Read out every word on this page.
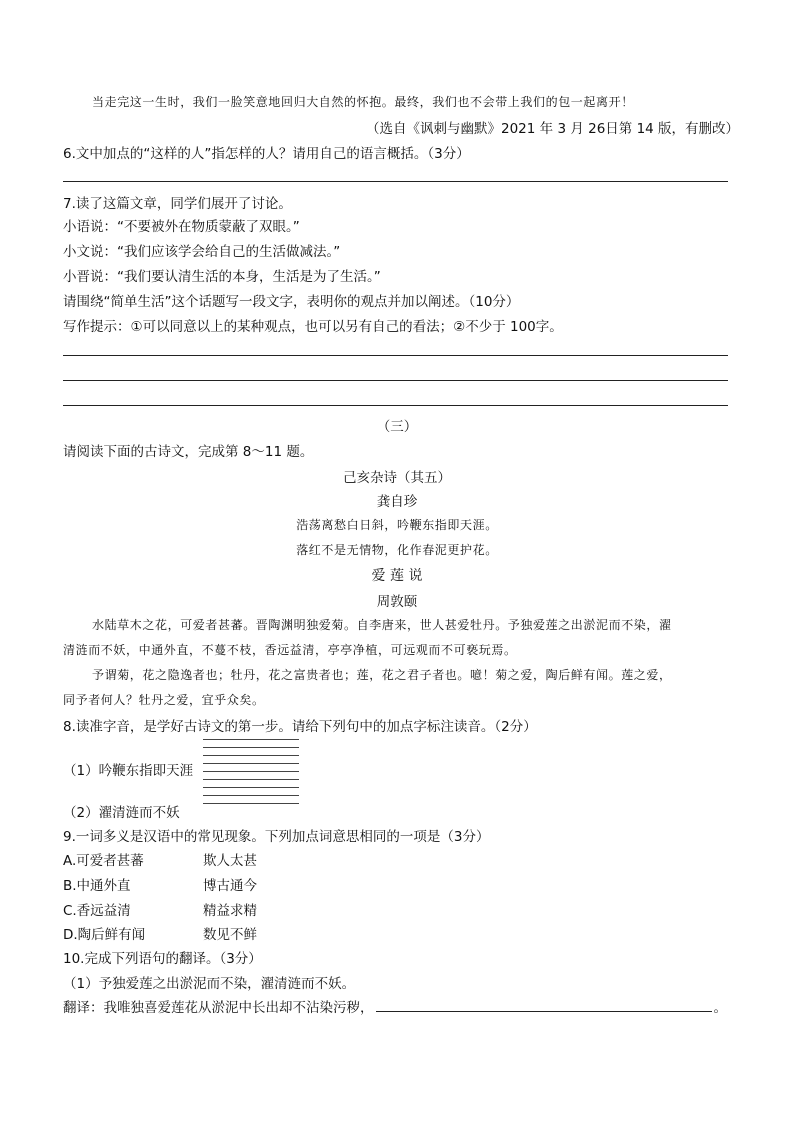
当走完这一生时，我们一脸笑意地回归大自然的怀抱。最终，我们也不会带上我们的包一起离开！
（选自《讽刺与幽默》2021 年 3 月 26日第 14 版，有删改）
6.文中加点的“这样的人”指怎样的人？请用自己的语言概括。（3分）
7.读了这篇文章，同学们展开了讨论。
小语说：“不要被外在物质蒙蔽了双眼。”
小文说：“我们应该学会给自己的生活做减法。”
小晋说：“我们要认清生活的本身，生活是为了生活。”
请围绕“简单生活”这个话题写一段文字，表明你的观点并加以阐述。（10分）
写作提示：①可以同意以上的某种观点，也可以另有自己的看法；②不少于 100字。
（三）
请阅读下面的古诗文，完成第 8～11 题。
己亥杂诗（其五）
龚自珍
浩荡离愁白日斜，吟鞭东指即天涯。
落红不是无情物，化作春泥更护花。
爱 莲 说
周敦颐
水陆草木之花，可爱者甚蕃。晋陶渊明独爱菊。自李唐来，世人甚爱牡丹。予独爱莲之出淤泥而不染，濯
清涟而不妖，中通外直，不蔓不枝，香远益清，亭亭净植，可远观而不可亵玩焉。
予谓菊，花之隐逸者也；牡丹，花之富贵者也；莲，花之君子者也。噫！菊之爱，陶后鲜有闻。莲之爱，
同予者何人？牡丹之爱，宜乎众矣。
8.读准字音，是学好古诗文的第一步。请给下列句中的加点字标注读音。（2分）
（1）吟鞭东指即天涯
（2）濯清涟而不妖
9.一词多义是汉语中的常见现象。下列加点词意思相同的一项是（3分）
A.可爱者甚蕃	欺人太甚
B.中通外直	博古通今
C.香远益清	精益求精
D.陶后鲜有闻	数见不鲜
10.完成下列语句的翻译。（3分）
（1）予独爱莲之出淤泥而不染，濯清涟而不妖。
翻译：我唯独喜爱莲花从淤泥中长出却不沾染污秽，	。
